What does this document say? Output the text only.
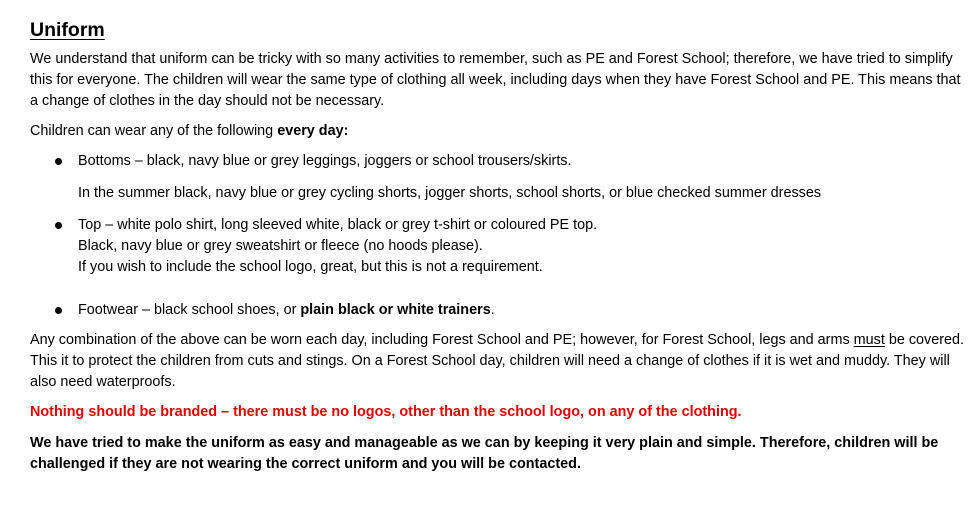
Uniform

We understand that uniform can be tricky with so many activities to remember, such as PE and Forest School; therefore, we have tried to simplify this for everyone. The children will wear the same type of clothing all week, including days when they have Forest School and PE. This means that a change of clothes in the day should not be necessary.

Children can wear any of the following every day:

Bottoms – black, navy blue or grey leggings, joggers or school trousers/skirts.
In the summer black, navy blue or grey cycling shorts, jogger shorts, school shorts, or blue checked summer dresses
Top – white polo shirt, long sleeved white, black or grey t-shirt or coloured PE top.
Black, navy blue or grey sweatshirt or fleece (no hoods please).
If you wish to include the school logo, great, but this is not a requirement.
Footwear – black school shoes, or plain black or white trainers.

Any combination of the above can be worn each day, including Forest School and PE; however, for Forest School, legs and arms must be covered. This it to protect the children from cuts and stings. On a Forest School day, children will need a change of clothes if it is wet and muddy. They will also need waterproofs.

Nothing should be branded – there must be no logos, other than the school logo, on any of the clothing.

We have tried to make the uniform as easy and manageable as we can by keeping it very plain and simple. Therefore, children will be challenged if they are not wearing the correct uniform and you will be contacted.
